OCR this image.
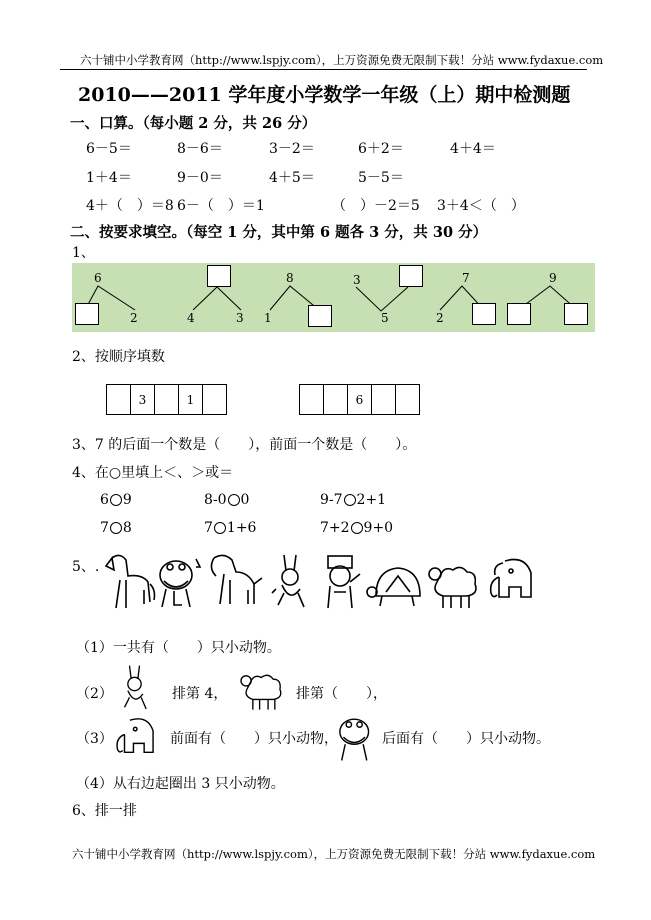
六十铺中小学教育网（http://www.lspjy.com），上万资源免费无限制下载！分站 www.fydaxue.com
六十铺中小学教育网（http://www.lspjy.com），上万资源免费无限制下载！分站 www.fydaxue.com
2010——2011 学年度小学数学一年级（上）期中检测题
一、口算。（每小题 2 分，共 26 分）
6－5＝	8－6＝	3－2＝	6＋2＝	4＋4＝
1＋4＝	9－0＝	4＋5＝	5－5＝
4＋（　）＝8 6－（　）＝1	（　）－2＝5 3＋4＜（　）
二、按要求填空。（每空 1 分，其中第 6 题各 3 分，共 30 分）
1、
6
2	4	3
8
1
3
5
7
2
9
2、按顺序填数
3	1	6
3、7 的后面一个数是（　　），前面一个数是（　　）。
4、在○里填上＜、＞或＝
6 9	8-0 0	9-7 2+1
7 8	7 1+6	7+2 9+0
5、.
（1）一共有（　　）只小动物。
（2）	排第 4，	排第（　　），
（3）	前面有（　　）只小动物，	后面有（　　）只小动物。
（4）从右边起圈出 3 只小动物。
6、排一排
